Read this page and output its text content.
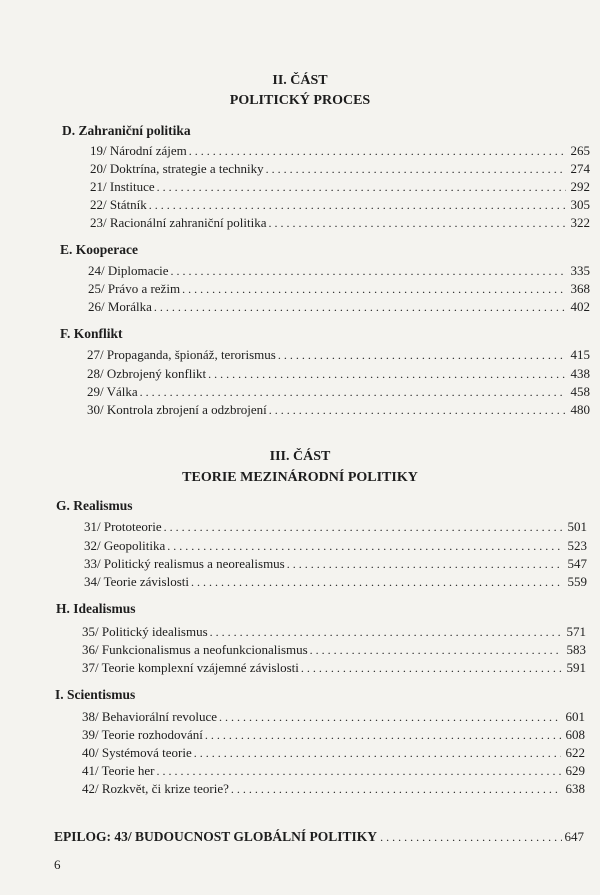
II. ČÁST
POLITICKÝ PROCES
D. Zahraniční politika
19/ Národní zájem . . .	265
20/ Doktrína, strategie a techniky . . .	274
21/ Instituce . . .	292
22/ Státník . . .	305
23/ Racionální zahraniční politika . . .	322
E. Kooperace
24/ Diplomacie . . .	335
25/ Právo a režim . . .	368
26/ Morálka . . .	402
F. Konflikt
27/ Propaganda, špionáž, terorismus . . .	415
28/ Ozbrojený konflikt . . .	438
29/ Válka . . .	458
30/ Kontrola zbrojení a odzbrojení . . .	480
III. ČÁST
TEORIE MEZINÁRODNÍ POLITIKY
G. Realismus
31/ Prototeorie . . .	501
32/ Geopolitika . . .	523
33/ Politický realismus a neorealismus . . .	547
34/ Teorie závislosti . . .	559
H. Idealismus
35/ Politický idealismus . . .	571
36/ Funkcionalismus a neofunkcionalismus . . .	583
37/ Teorie komplexní vzájemné závislosti . . .	591
I. Scientismus
38/ Behaviorální revoluce . . .	601
39/ Teorie rozhodování . . .	608
40/ Systémová teorie . . .	622
41/ Teorie her . . .	629
42/ Rozkvět, či krize teorie? . . .	638
EPILOG: 43/ BUDOUCNOST GLOBÁLNÍ POLITIKY . . .	647
6
